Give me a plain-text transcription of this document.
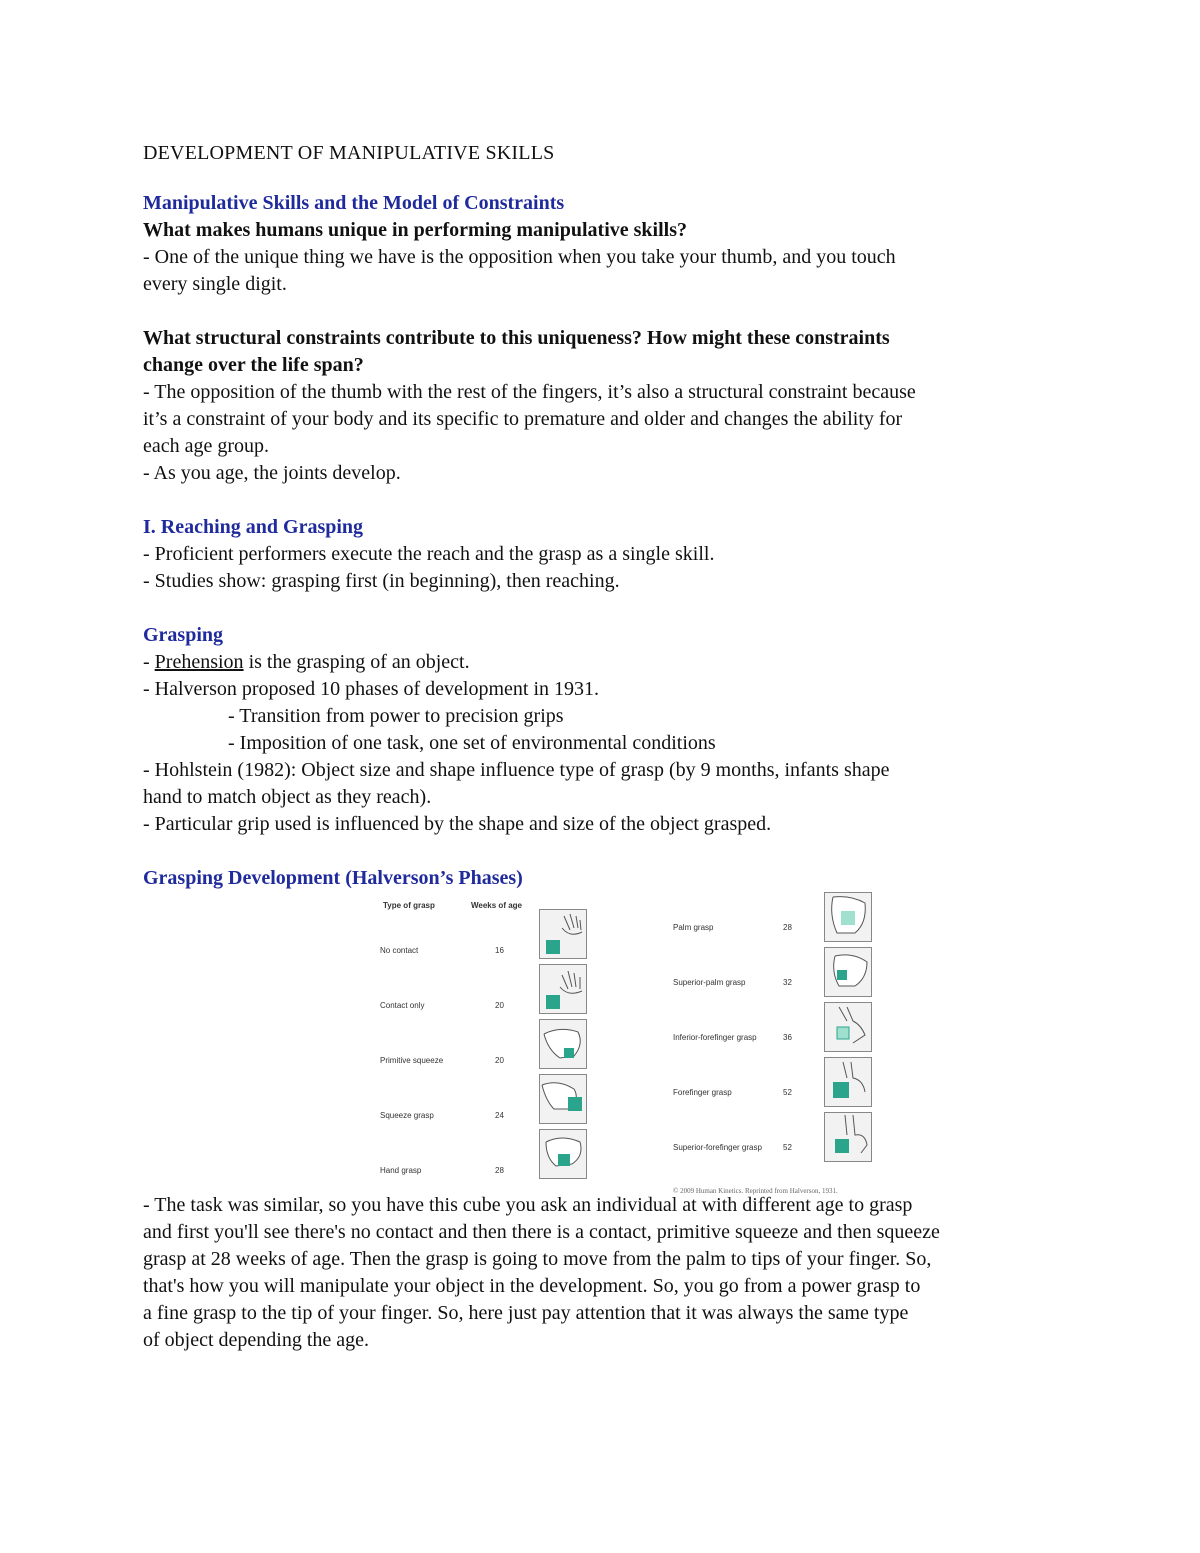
DEVELOPMENT OF MANIPULATIVE SKILLS

Manipulative Skills and the Model of Constraints

What makes humans unique in performing manipulative skills?

- One of the unique thing we have is the opposition when you take your thumb, and you touch

every single digit.

What structural constraints contribute to this uniqueness? How might these constraints

change over the life span?

- The opposition of the thumb with the rest of the fingers, it’s also a structural constraint because

it’s a constraint of your body and its specific to premature and older and changes the ability for

each age group.

- As you age, the joints develop.

I. Reaching and Grasping

- Proficient performers execute the reach and the grasp as a single skill.

- Studies show: grasping first (in beginning), then reaching.

Grasping

- Prehension is the grasping of an object.

- Halverson proposed 10 phases of development in 1931.

- Transition from power to precision grips

- Imposition of one task, one set of environmental conditions

- Hohlstein (1982): Object size and shape influence type of grasp (by 9 months, infants shape

hand to match object as they reach).

- Particular grip used is influenced by the shape and size of the object grasped.

Grasping Development (Halverson’s Phases)

Type of grasp	Weeks of age
No contact	16
Contact only	20
Primitive squeeze	20
Squeeze grasp	24
Hand grasp	28
Palm grasp	28
Superior-palm grasp	32
Inferior-forefinger grasp	36
Forefinger grasp	52
Superior-forefinger grasp	52
© 2009 Human Kinetics. Reprinted from Halverson, 1931.

- The task was similar, so you have this cube you ask an individual at with different age to grasp

and first you'll see there's no contact and then there is a contact, primitive squeeze and then squeeze

grasp at 28 weeks of age. Then the grasp is going to move from the palm to tips of your finger. So,

that's how you will manipulate your object in the development. So, you go from a power grasp to

a fine grasp to the tip of your finger. So, here just pay attention that it was always the same type

of object depending the age.
